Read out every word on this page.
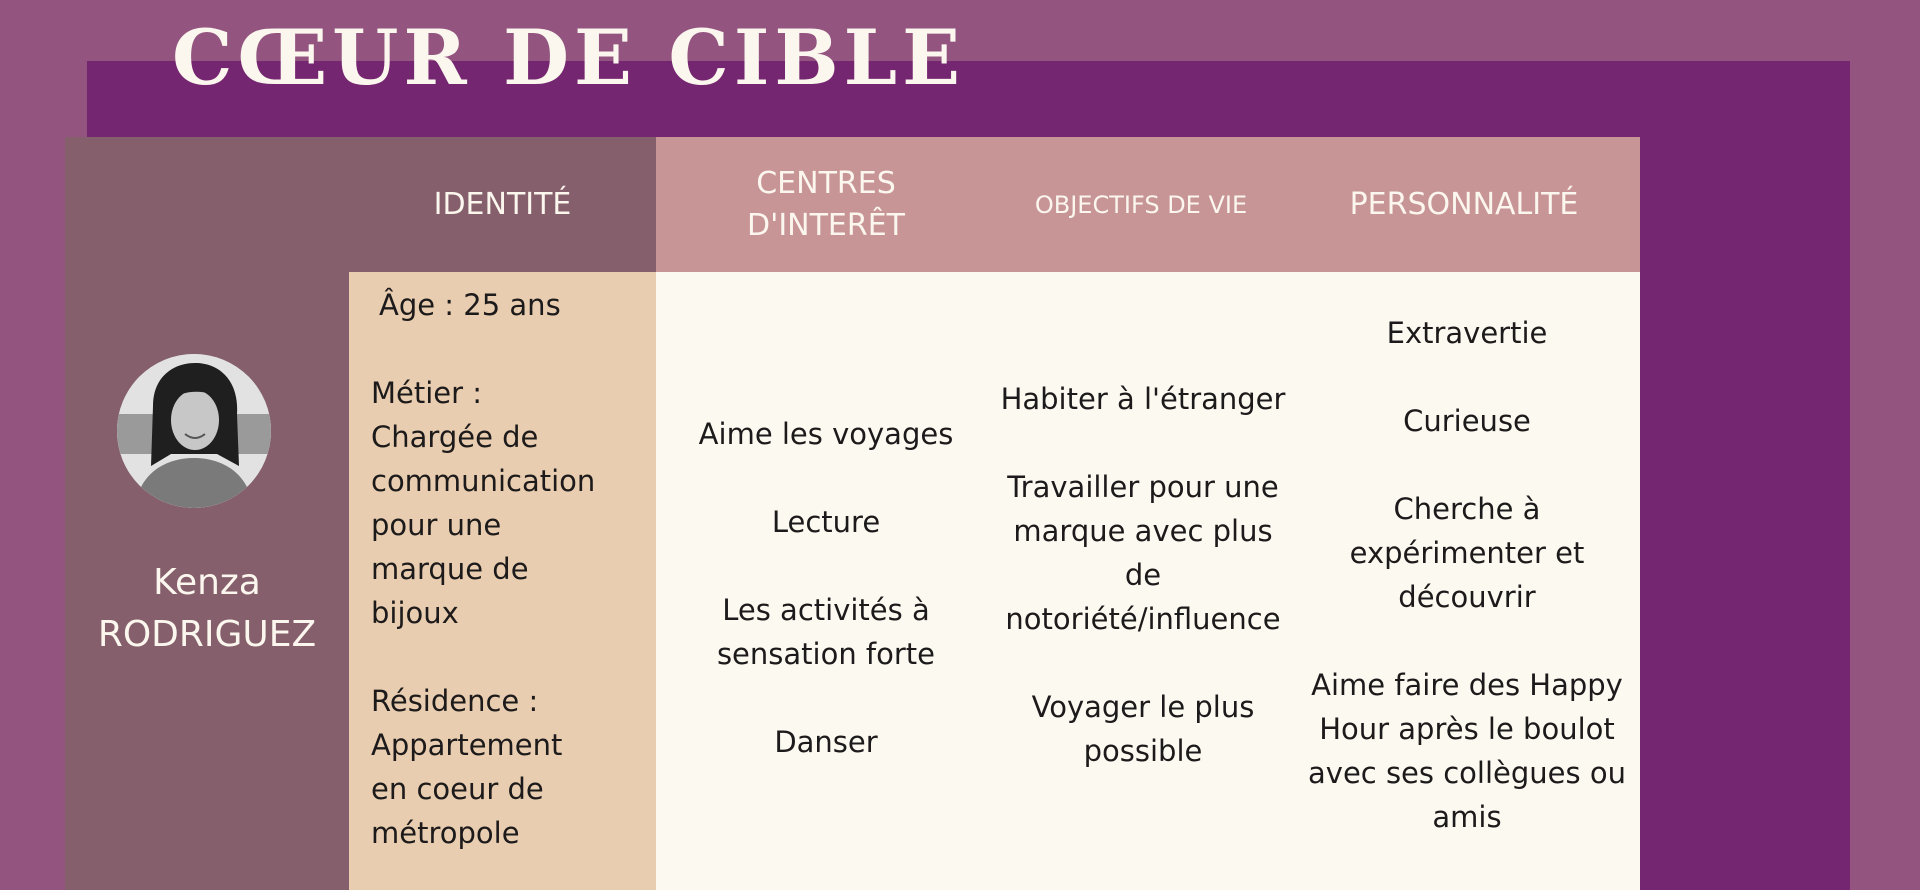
CŒUR DE CIBLE
Kenza
RODRIGUEZ
IDENTITÉ
CENTRES
D'INTERÊT
OBJECTIFS DE VIE	PERSONNALITÉ
Âge : 25 ans
Métier :
Chargée de
communication
pour une
marque de
bijoux
Résidence :
Appartement
en coeur de
métropole
Aime les voyages
Lecture
Les activités à
sensation forte
Danser
Habiter à l'étranger
Travailler pour une
marque avec plus
de
notoriété/influence
Voyager le plus
possible
Extravertie
Curieuse
Cherche à
expérimenter et
découvrir
Aime faire des Happy
Hour après le boulot
avec ses collègues ou
amis
